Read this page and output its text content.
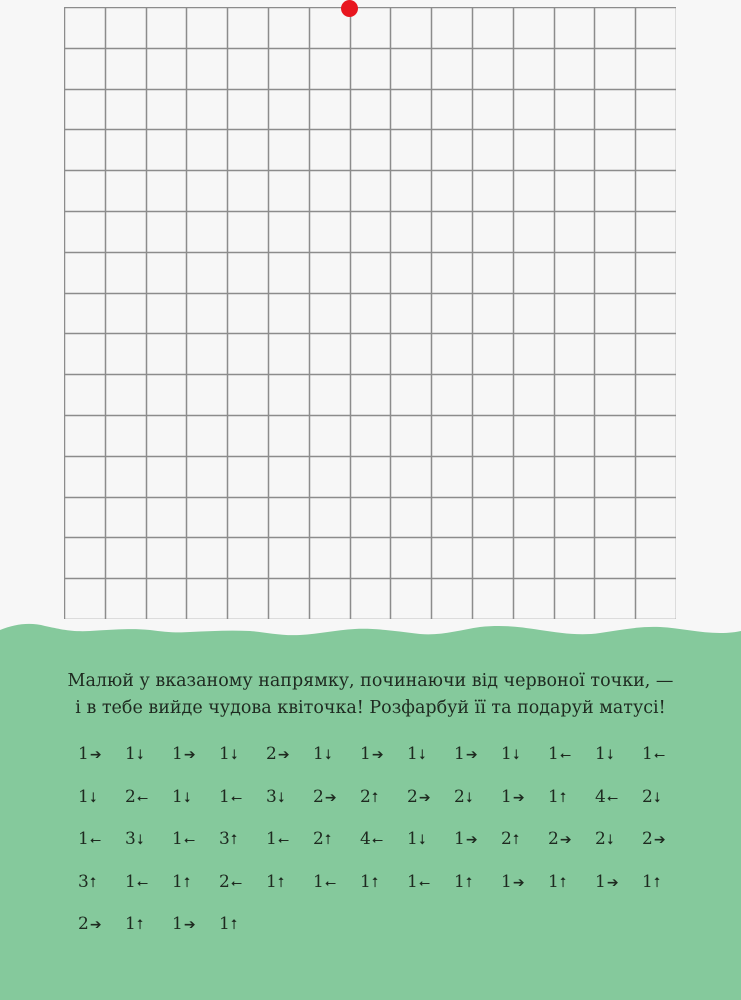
Малюй у вказаному напрямку, починаючи від червоної точки, —
і в тебе вийде чудова квіточка! Розфарбуй її та подаруй матусі!
1➔ 1⭣ 1➔ 1⭣ 2➔ 1⭣ 1➔ 1⭣ 1➔ 1⭣ 1⭠ 1⭣ 1⭠
1⭣ 2⭠ 1⭣ 1⭠ 3⭣ 2➔ 2⭡ 2➔ 2⭣ 1➔ 1⭡ 4⭠ 2⭣
1⭠ 3⭣ 1⭠ 3⭡ 1⭠ 2⭡ 4⭠ 1⭣ 1➔ 2⭡ 2➔ 2⭣ 2➔
3⭡ 1⭠ 1⭡ 2⭠ 1⭡ 1⭠ 1⭡ 1⭠ 1⭡ 1➔ 1⭡ 1➔ 1⭡
2➔ 1⭡ 1➔ 1⭡
